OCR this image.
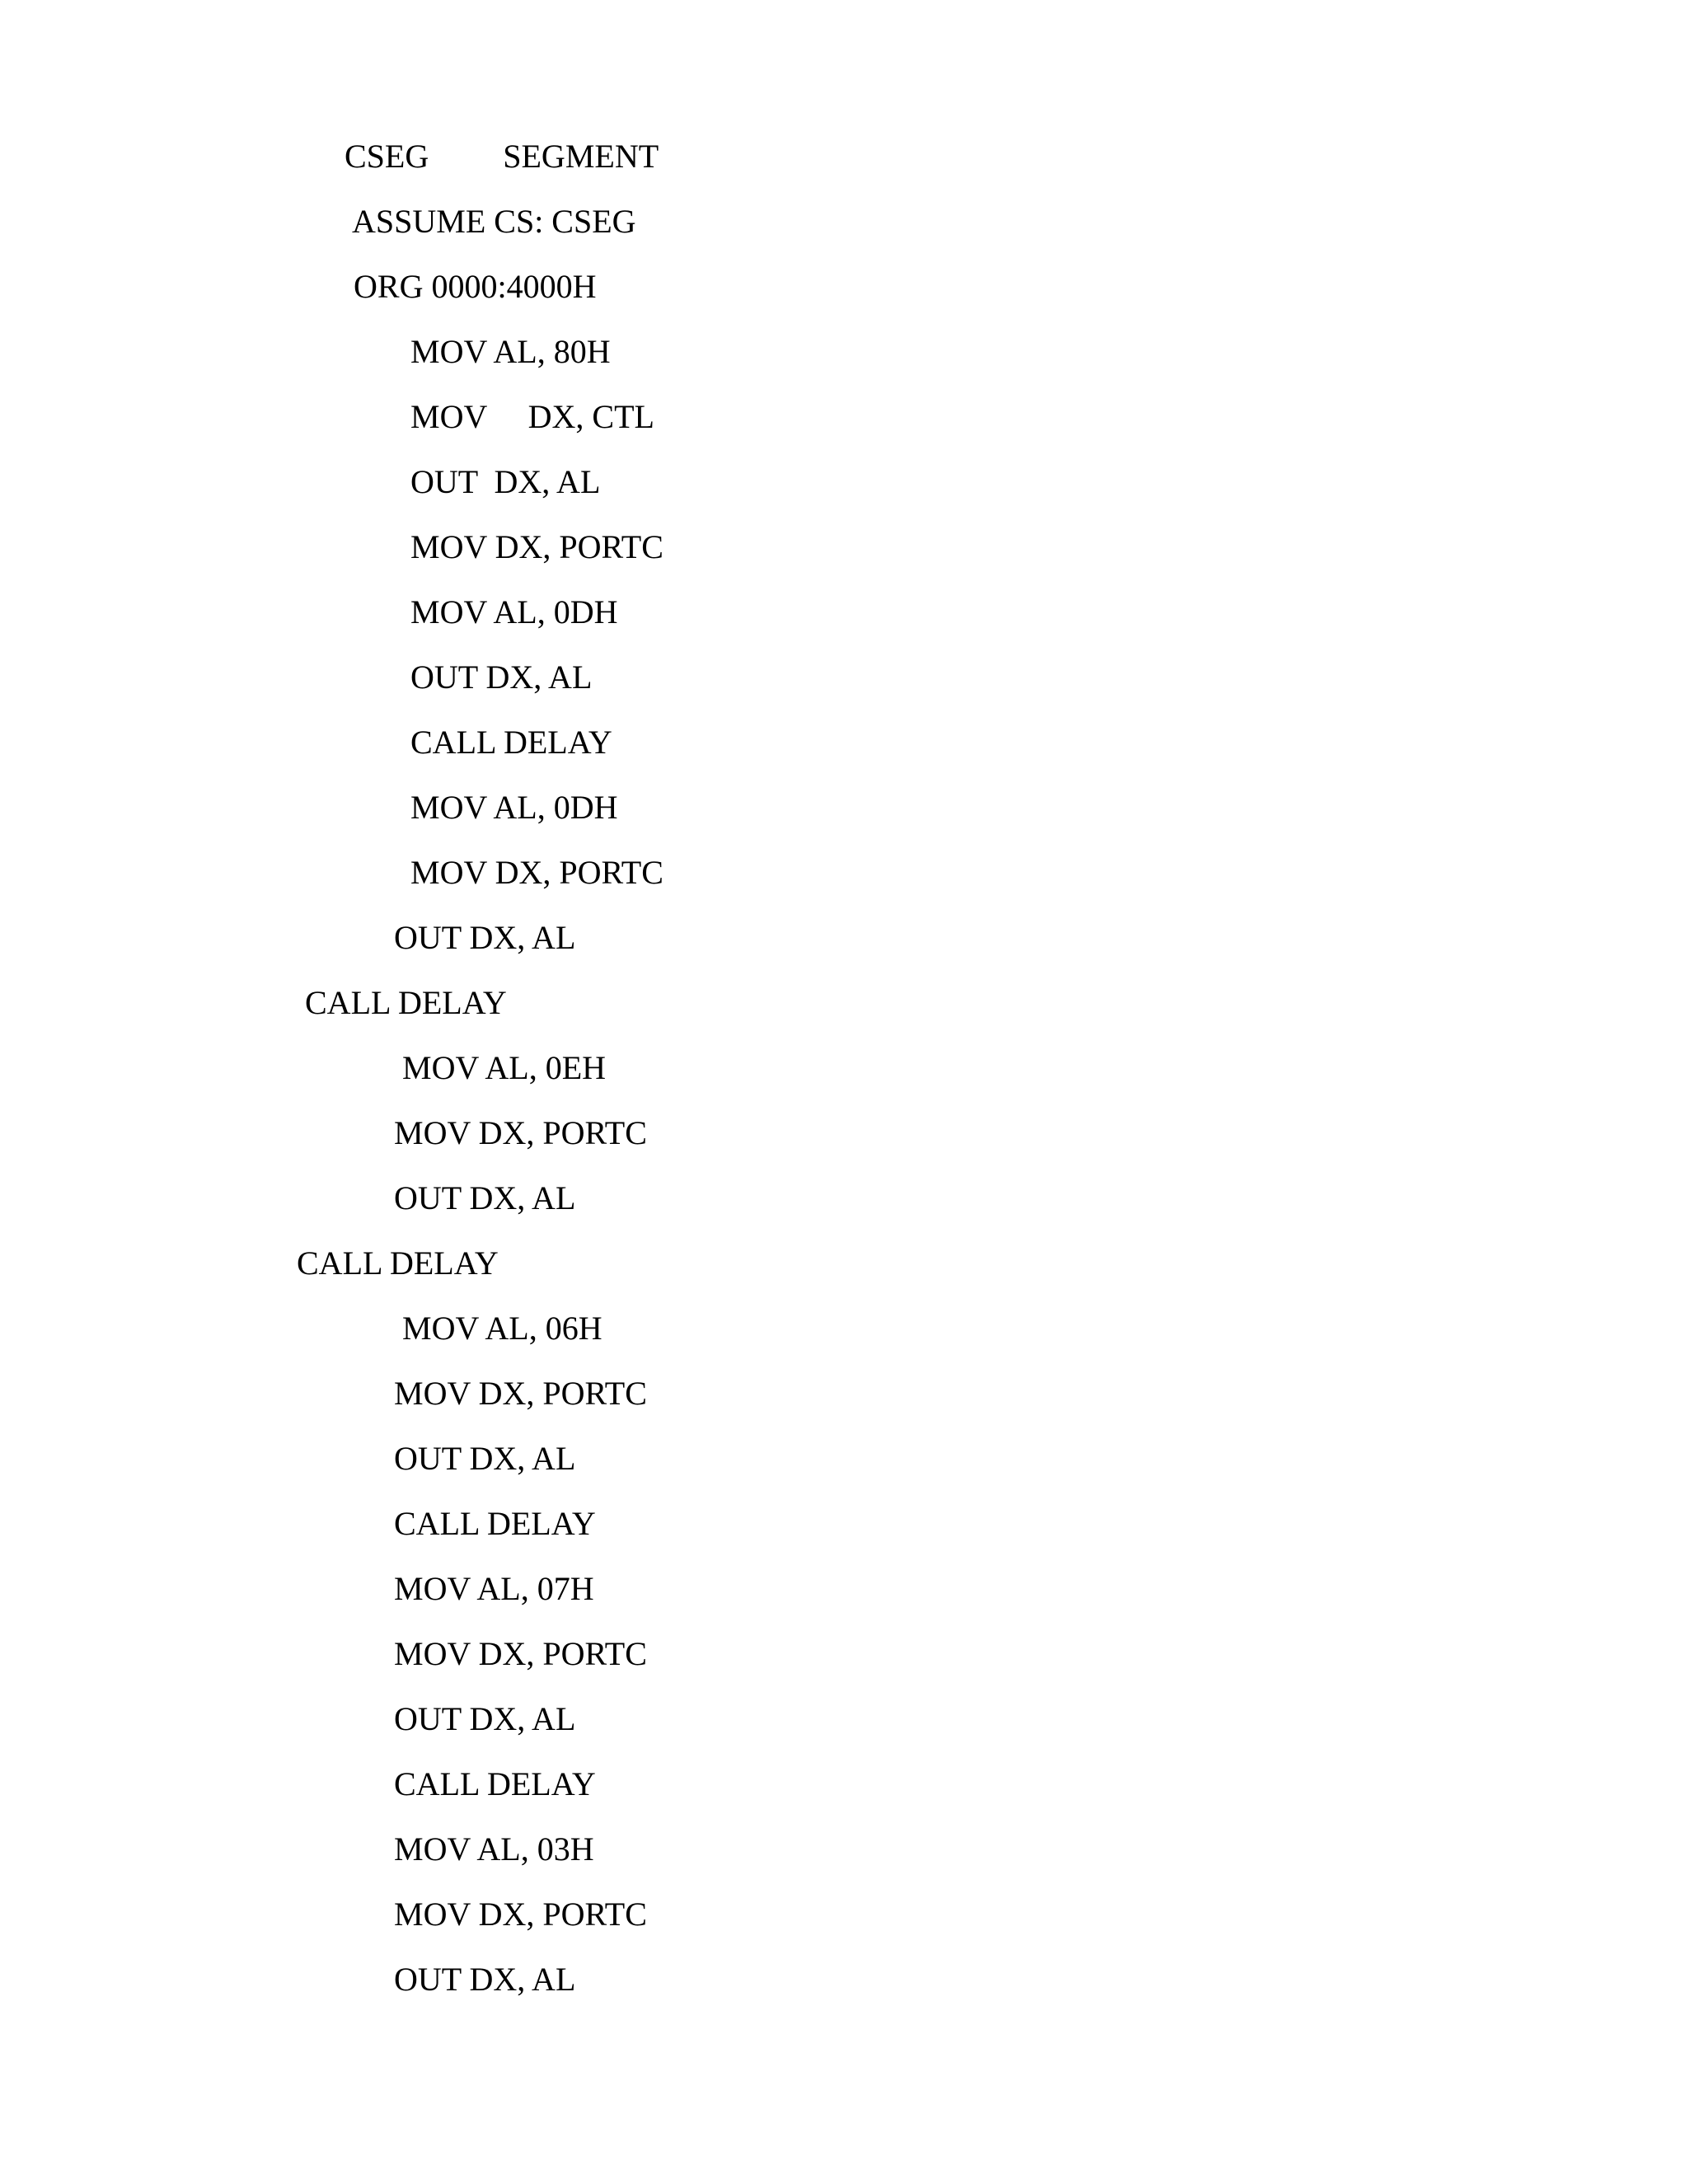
CSEG         SEGMENT
ASSUME CS: CSEG
ORG 0000:4000H
MOV AL, 80H
MOV     DX, CTL
OUT  DX, AL
MOV DX, PORTC
MOV AL, 0DH
OUT DX, AL
CALL DELAY
MOV AL, 0DH
MOV DX, PORTC
OUT DX, AL
CALL DELAY
MOV AL, 0EH
MOV DX, PORTC
OUT DX, AL
CALL DELAY
MOV AL, 06H
MOV DX, PORTC
OUT DX, AL
CALL DELAY
MOV AL, 07H
MOV DX, PORTC
OUT DX, AL
CALL DELAY
MOV AL, 03H
MOV DX, PORTC
OUT DX, AL
